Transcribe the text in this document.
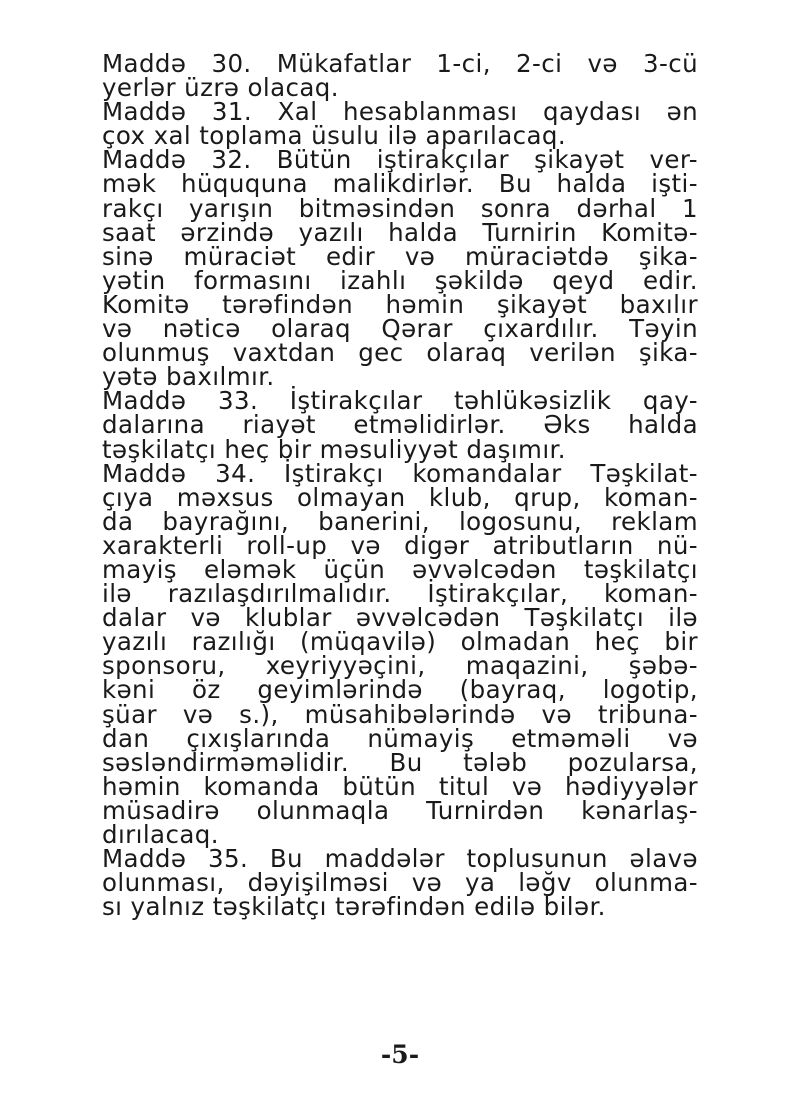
Maddə 30. Mükafatlar 1-ci, 2-ci və 3-cü
yerlər üzrə olacaq.
Maddə 31. Xal hesablanması qaydası ən
çox xal toplama üsulu ilə aparılacaq.
Maddə 32. Bütün iştirakçılar şikayət ver-
mək hüququna malikdirlər. Bu halda işti-
rakçı yarışın bitməsindən sonra dərhal 1
saat ərzində yazılı halda Turnirin Komitə-
sinə müraciət edir və müraciətdə şika-
yətin formasını izahlı şəkildə qeyd edir.
Komitə tərəfindən həmin şikayət baxılır
və nəticə olaraq Qərar çıxardılır. Təyin
olunmuş vaxtdan gec olaraq verilən şika-
yətə baxılmır.
Maddə 33. İştirakçılar təhlükəsizlik qay-
dalarına riayət etməlidirlər. Əks halda
təşkilatçı heç bir məsuliyyət daşımır.
Maddə 34. İştirakçı komandalar Təşkilat-
çıya məxsus olmayan klub, qrup, koman-
da bayrağını, banerini, logosunu, reklam
xarakterli roll-up və digər atributların nü-
mayiş eləmək üçün əvvəlcədən təşkilatçı
ilə razılaşdırılmalıdır. İştirakçılar, koman-
dalar və klublar əvvəlcədən Təşkilatçı ilə
yazılı razılığı (müqavilə) olmadan heç bir
sponsoru, xeyriyyəçini, maqazini, şəbə-
kəni öz geyimlərində (bayraq, logotip,
şüar və s.), müsahibələrində və tribuna-
dan çıxışlarında nümayiş etməməli və
səsləndirməməlidir. Bu tələb pozularsa,
həmin komanda bütün titul və hədiyyələr
müsadirə olunmaqla Turnirdən kənarlaş-
dırılacaq.
Maddə 35. Bu maddələr toplusunun əlavə
olunması, dəyişilməsi və ya ləğv olunma-
sı yalnız təşkilatçı tərəfindən edilə bilər.
-5-
